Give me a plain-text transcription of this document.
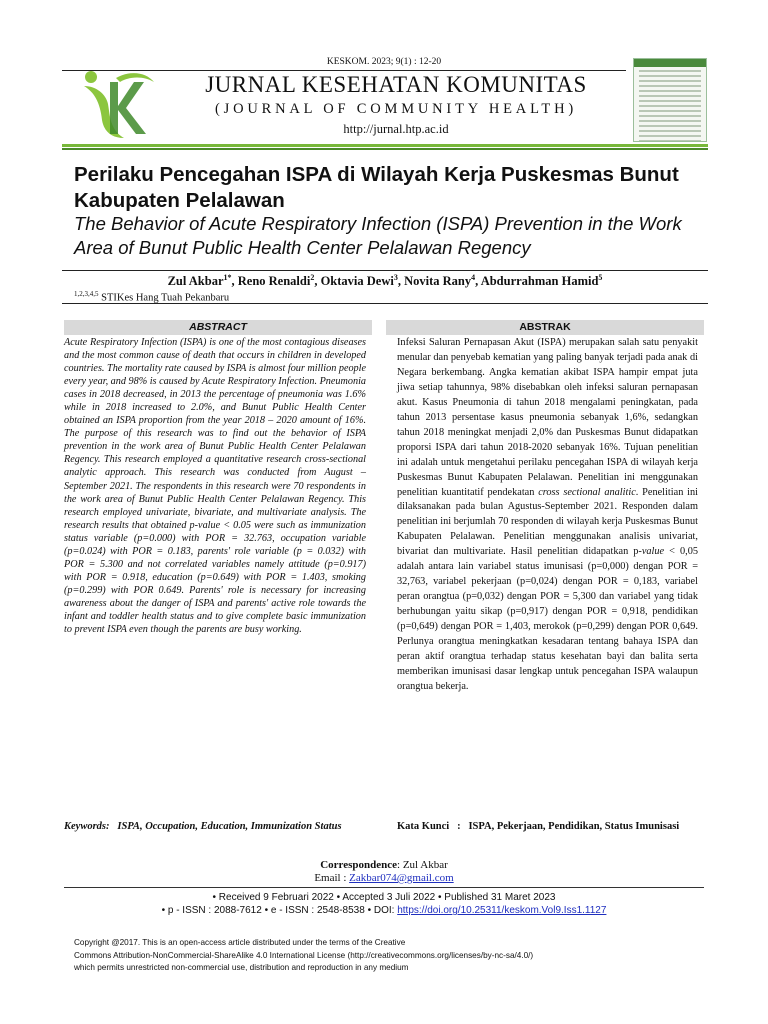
KESKOM. 2023; 9(1) : 12-20
JURNAL KESEHATAN KOMUNITAS
(JOURNAL OF COMMUNITY HEALTH)
http://jurnal.htp.ac.id
Perilaku Pencegahan ISPA di Wilayah Kerja Puskesmas Bunut Kabupaten Pelalawan
The Behavior of Acute Respiratory Infection (ISPA) Prevention in the Work Area of Bunut Public Health Center Pelalawan Regency
Zul Akbar$^{1*}$, Reno Renaldi$^2$, Oktavia Dewi$^3$, Novita Rany$^4$, Abdurrahman Hamid$^5$
$^{1,2,3,4,5}$ STIKes Hang Tuah Pekanbaru
ABSTRACT	ABSTRAK
Acute Respiratory Infection (ISPA) is one of the most contagious diseases and the most common cause of death that occurs in children in developed countries. The mortality rate caused by ISPA is almost four million people every year, and 98% is caused by Acute Respiratory Infection. Pneumonia cases in 2018 decreased, in 2013 the percentage of pneumonia was 1.6% while in 2018 increased to 2.0%, and Bunut Public Health Center obtained an ISPA proportion from the year 2018 – 2020 amount of 16%. The purpose of this research was to find out the behavior of ISPA prevention in the work area of Bunut Public Health Center Pelalawan Regency. This research employed a quantitative research cross-sectional analytic approach. This research was conducted from August – September 2021. The respondents in this research were 70 respondents in the work area of Bunut Public Health Center Pelalawan Regency. This research employed univariate, bivariate, and multivariate analysis. The research results that obtained p-value < 0.05 were such as immunization status variable (p=0.000) with POR = 32.763, occupation variable (p=0.024) with POR = 0.183, parents' role variable (p = 0.032) with POR = 5.300 and not correlated variables namely attitude (p=0.917) with POR = 0.918, education (p=0.649) with POR = 1.403, smoking (p=0.299) with POR 0.649. Parents' role is necessary for increasing awareness about the danger of ISPA and parents' active role towards the infant and toddler health status and to give complete basic immunization to prevent ISPA even though the parents are busy working.
Infeksi Saluran Pernapasan Akut (ISPA) merupakan salah satu penyakit menular dan penyebab kematian yang paling banyak terjadi pada anak di Negara berkembang. Angka kematian akibat ISPA hampir empat juta jiwa setiap tahunnya, 98% disebabkan oleh infeksi saluran pernapasan akut. Kasus Pneumonia di tahun 2018 mengalami peningkatan, pada tahun 2013 persentase kasus pneumonia sebanyak 1,6%, sedangkan tahun 2018 meningkat menjadi 2,0% dan Puskesmas Bunut didapatkan proporsi ISPA dari tahun 2018-2020 sebanyak 16%. Tujuan penelitian ini adalah untuk mengetahui perilaku pencegahan ISPA di wilayah kerja Puskesmas Bunut Kabupaten Pelalawan. Penelitian ini menggunakan penelitian kuantitatif pendekatan cross sectional analitic. Penelitian ini dilaksanakan pada bulan Agustus-September 2021. Responden dalam penelitian ini berjumlah 70 responden di wilayah kerja Puskesmas Bunut Kabupaten Pelalawan. Penelitian menggunakan analisis univariat, bivariat dan multivariate. Hasil penelitian didapatkan p-value < 0,05 adalah antara lain variabel status imunisasi (p=0,000) dengan POR = 32,763, variabel pekerjaan (p=0,024) dengan POR = 0,183, variabel peran orangtua (p=0,032) dengan POR = 5,300 dan variabel yang tidak berhubungan yaitu sikap (p=0,917) dengan POR = 0,918, pendidikan (p=0,649) dengan POR = 1,403, merokok (p=0,299) dengan POR 0,649. Perlunya orangtua meningkatkan kesadaran tentang bahaya ISPA dan peran aktif orangtua terhadap status kesehatan bayi dan balita serta memberikan imunisasi dasar lengkap untuk pencegahan ISPA walaupun orangtua bekerja.
Keywords: ISPA, Occupation, Education, Immunization Status	Kata Kunci : ISPA, Pekerjaan, Pendidikan, Status Imunisasi
Correspondence: Zul Akbar
Email : Zakbar074@gmail.com
• Received 9 Februari 2022 • Accepted 3 Juli 2022 • Published 31 Maret 2023
• p - ISSN : 2088-7612 • e - ISSN : 2548-8538 • DOI: https://doi.org/10.25311/keskom.Vol9.Iss1.1127
Copyright @2017. This is an open-access article distributed under the terms of the Creative
Commons Attribution-NonCommercial-ShareAlike 4.0 International License (http://creativecommons.org/licenses/by-nc-sa/4.0/)
which permits unrestricted non-commercial use, distribution and reproduction in any medium
